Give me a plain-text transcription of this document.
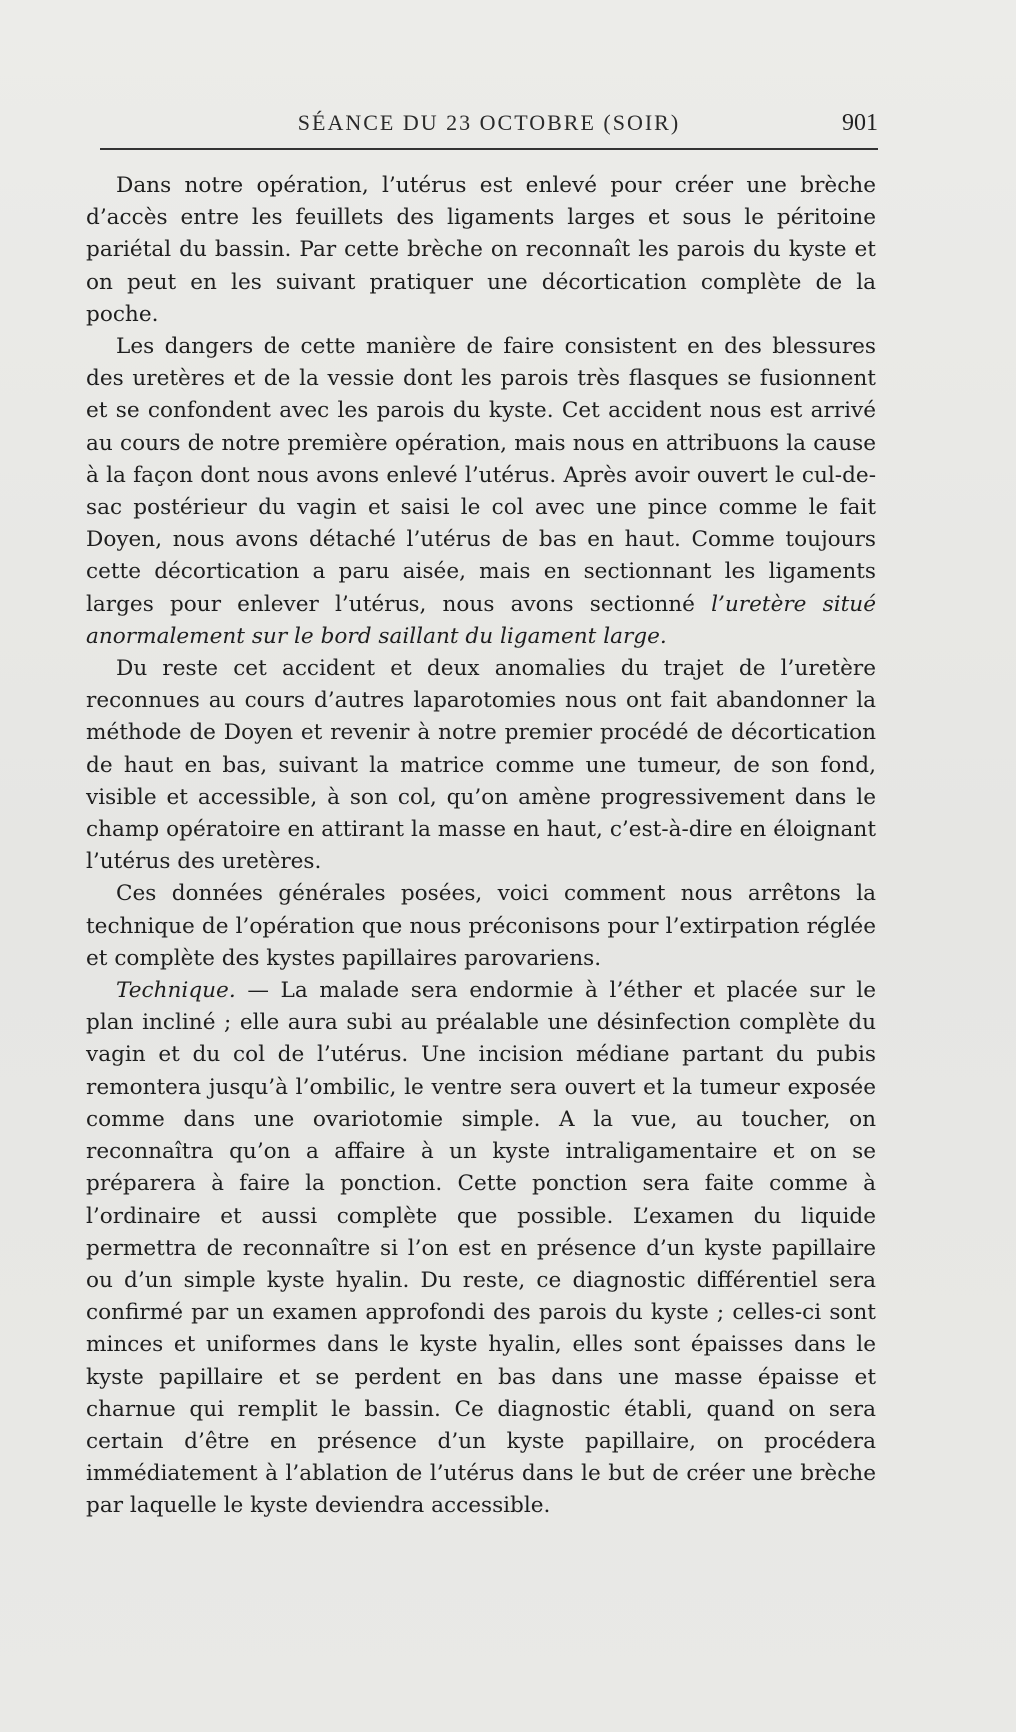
SÉANCE DU 23 OCTOBRE (SOIR)	901

Dans notre opération, l’utérus est enlevé pour créer une brèche d’accès entre les feuillets des ligaments larges et sous le péritoine pariétal du bassin. Par cette brèche on reconnaît les parois du kyste et on peut en les suivant pratiquer une décortication complète de la poche.

Les dangers de cette manière de faire consistent en des blessures des uretères et de la vessie dont les parois très flasques se fusionnent et se confondent avec les parois du kyste. Cet accident nous est arrivé au cours de notre première opération, mais nous en attribuons la cause à la façon dont nous avons enlevé l’utérus. Après avoir ouvert le cul-de-sac postérieur du vagin et saisi le col avec une pince comme le fait Doyen, nous avons détaché l’utérus de bas en haut. Comme toujours cette décortication a paru aisée, mais en sectionnant les ligaments larges pour enlever l’utérus, nous avons sectionné l’uretère situé anormalement sur le bord saillant du ligament large.

Du reste cet accident et deux anomalies du trajet de l’uretère reconnues au cours d’autres laparotomies nous ont fait abandonner la méthode de Doyen et revenir à notre premier procédé de décortication de haut en bas, suivant la matrice comme une tumeur, de son fond, visible et accessible, à son col, qu’on amène progressivement dans le champ opératoire en attirant la masse en haut, c’est-à-dire en éloignant l’utérus des uretères.

Ces données générales posées, voici comment nous arrêtons la technique de l’opération que nous préconisons pour l’extirpation réglée et complète des kystes papillaires parovariens.

Technique. — La malade sera endormie à l’éther et placée sur le plan incliné ; elle aura subi au préalable une désinfection complète du vagin et du col de l’utérus. Une incision médiane partant du pubis remontera jusqu’à l’ombilic, le ventre sera ouvert et la tumeur exposée comme dans une ovariotomie simple. A la vue, au toucher, on reconnaîtra qu’on a affaire à un kyste intraligamentaire et on se préparera à faire la ponction. Cette ponction sera faite comme à l’ordinaire et aussi complète que possible. L’examen du liquide permettra de reconnaître si l’on est en présence d’un kyste papillaire ou d’un simple kyste hyalin. Du reste, ce diagnostic différentiel sera confirmé par un examen approfondi des parois du kyste ; celles-ci sont minces et uniformes dans le kyste hyalin, elles sont épaisses dans le kyste papillaire et se perdent en bas dans une masse épaisse et charnue qui remplit le bassin. Ce diagnostic établi, quand on sera certain d’être en présence d’un kyste papillaire, on procédera immédiatement à l’ablation de l’utérus dans le but de créer une brèche par laquelle le kyste deviendra accessible.
